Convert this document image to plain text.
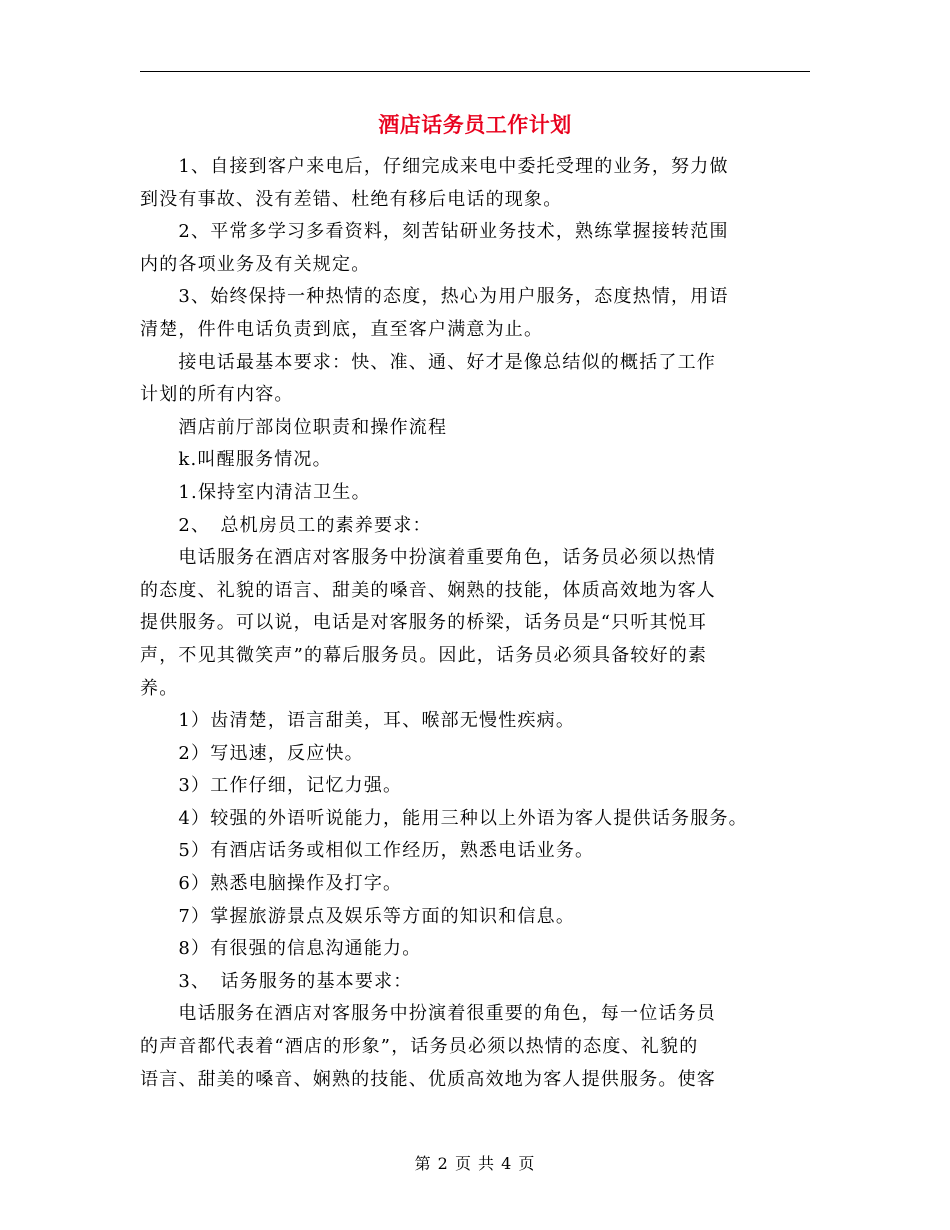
酒店话务员工作计划

　　1、自接到客户来电后，仔细完成来电中委托受理的业务，努力做

到没有事故、没有差错、杜绝有移后电话的现象。

　　2、平常多学习多看资料，刻苦钻研业务技术，熟练掌握接转范围

内的各项业务及有关规定。

　　3、始终保持一种热情的态度，热心为用户服务，态度热情，用语

清楚，件件电话负责到底，直至客户满意为止。

　　接电话最基本要求：快、准、通、好才是像总结似的概括了工作

计划的所有内容。

　　酒店前厅部岗位职责和操作流程

　　k.叫醒服务情况。

　　1.保持室内清洁卫生。

　　2、　总机房员工的素养要求：

　　电话服务在酒店对客服务中扮演着重要角色，话务员必须以热情

的态度、礼貌的语言、甜美的嗓音、娴熟的技能，体质高效地为客人

提供服务。可以说，电话是对客服务的桥梁，话务员是“只听其悦耳

声，不见其微笑声”的幕后服务员。因此，话务员必须具备较好的素

养。

　　1）齿清楚，语言甜美，耳、喉部无慢性疾病。

　　2）写迅速，反应快。

　　3）工作仔细，记忆力强。

　　4）较强的外语听说能力，能用三种以上外语为客人提供话务服务。

　　5）有酒店话务或相似工作经历，熟悉电话业务。

　　6）熟悉电脑操作及打字。

　　7）掌握旅游景点及娱乐等方面的知识和信息。

　　8）有很强的信息沟通能力。

　　3、　话务服务的基本要求：

　　电话服务在酒店对客服务中扮演着很重要的角色，每一位话务员

的声音都代表着“酒店的形象”，话务员必须以热情的态度、礼貌的

语言、甜美的嗓音、娴熟的技能、优质高效地为客人提供服务。使客

第 2 页 共 4 页
